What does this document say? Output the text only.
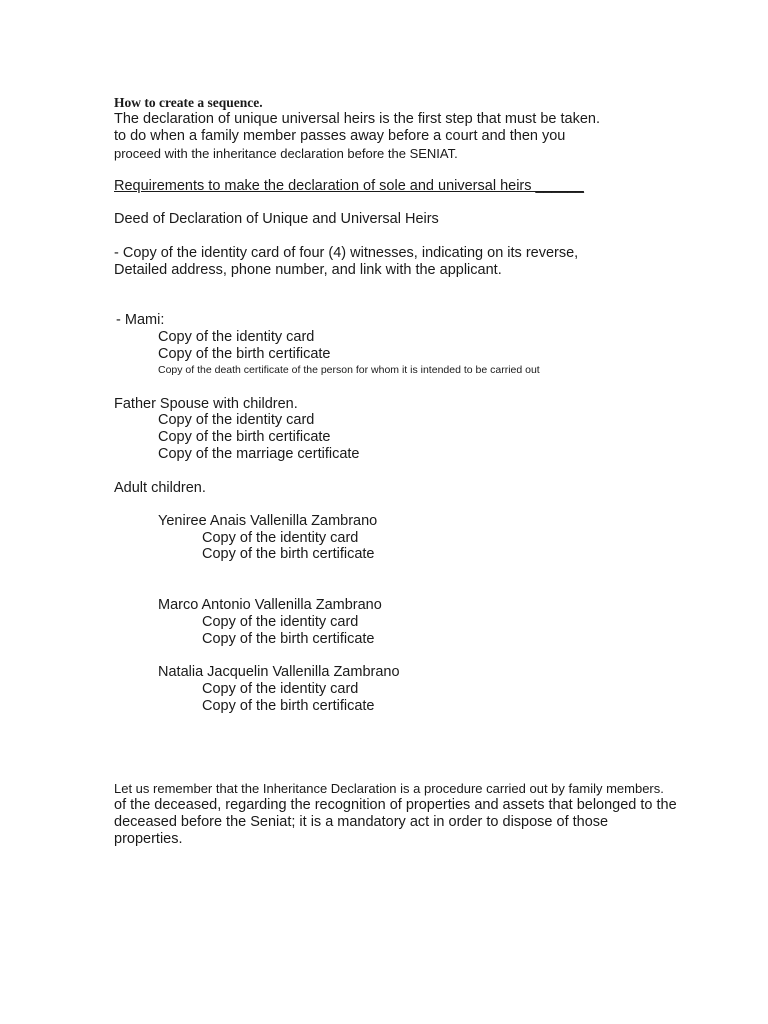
How to create a sequence.
The declaration of unique universal heirs is the first step that must be taken.
to do when a family member passes away before a court and then you
proceed with the inheritance declaration before the SENIAT.
Requirements to make the declaration of sole and universal heirs ______
Deed of Declaration of Unique and Universal Heirs
- Copy of the identity card of four (4) witnesses, indicating on its reverse,
Detailed address, phone number, and link with the applicant.
- Mami:
Copy of the identity card
Copy of the birth certificate
Copy of the death certificate of the person for whom it is intended to be carried out
Father Spouse with children.
Copy of the identity card
Copy of the birth certificate
Copy of the marriage certificate
Adult children.
Yeniree Anais Vallenilla Zambrano
Copy of the identity card
Copy of the birth certificate
Marco Antonio Vallenilla Zambrano
Copy of the identity card
Copy of the birth certificate
Natalia Jacquelin Vallenilla Zambrano
Copy of the identity card
Copy of the birth certificate
Let us remember that the Inheritance Declaration is a procedure carried out by family members.
of the deceased, regarding the recognition of properties and assets that belonged to the
deceased before the Seniat; it is a mandatory act in order to dispose of those
properties.
